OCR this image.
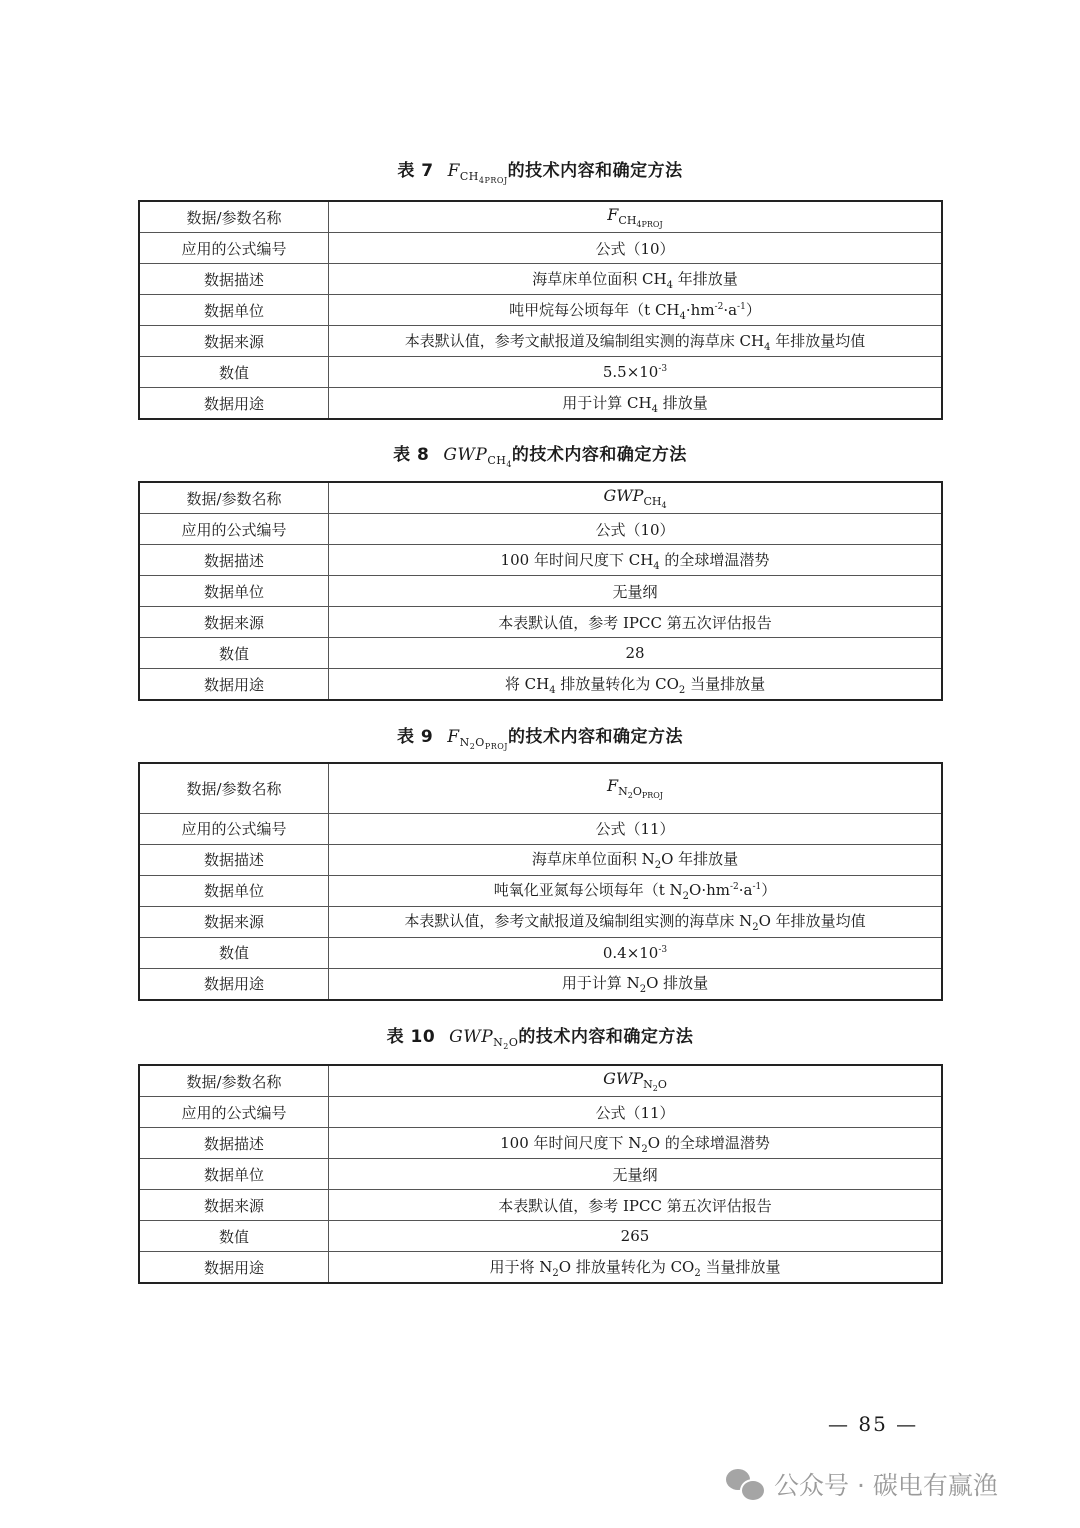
表 7 $F_{CH_{4PROJ}}$的技术内容和确定方法
数据/参数名称	$F_{CH_{4PROJ}}$
应用的公式编号	公式（10）
数据描述	海草床单位面积 $CH_4$ 年排放量
数据单位	吨甲烷每公顷每年（t $CH_4\cdot hm^{-2}\cdot a^{-1}$）
数据来源	本表默认值，参考文献报道及编制组实测的海草床 $CH_4$ 年排放量均值
数值	$5.5\times 10^{-3}$
数据用途	用于计算 $CH_4$ 排放量
表 8 $GWP_{CH_4}$的技术内容和确定方法
数据/参数名称	$GWP_{CH_4}$
应用的公式编号	公式（10）
数据描述	100 年时间尺度下 $CH_4$ 的全球增温潜势
数据单位	无量纲
数据来源	本表默认值，参考 IPCC 第五次评估报告
数值	28
数据用途	将 $CH_4$ 排放量转化为 $CO_2$ 当量排放量
表 9 $F_{N_2O_{PROJ}}$的技术内容和确定方法
数据/参数名称	$F_{N_2O_{PROJ}}$
应用的公式编号	公式（11）
数据描述	海草床单位面积 $N_2O$ 年排放量
数据单位	吨氧化亚氮每公顷每年（t $N_2O\cdot hm^{-2}\cdot a^{-1}$）
数据来源	本表默认值，参考文献报道及编制组实测的海草床 $N_2O$ 年排放量均值
数值	$0.4\times 10^{-3}$
数据用途	用于计算 $N_2O$ 排放量
表 10 $GWP_{N_2O}$的技术内容和确定方法
数据/参数名称	$GWP_{N_2O}$
应用的公式编号	公式（11）
数据描述	100 年时间尺度下 $N_2O$ 的全球增温潜势
数据单位	无量纲
数据来源	本表默认值，参考 IPCC 第五次评估报告
数值	265
数据用途	用于将 $N_2O$ 排放量转化为 $CO_2$ 当量排放量
— 85 —
公众号 · 碳电有赢渔
